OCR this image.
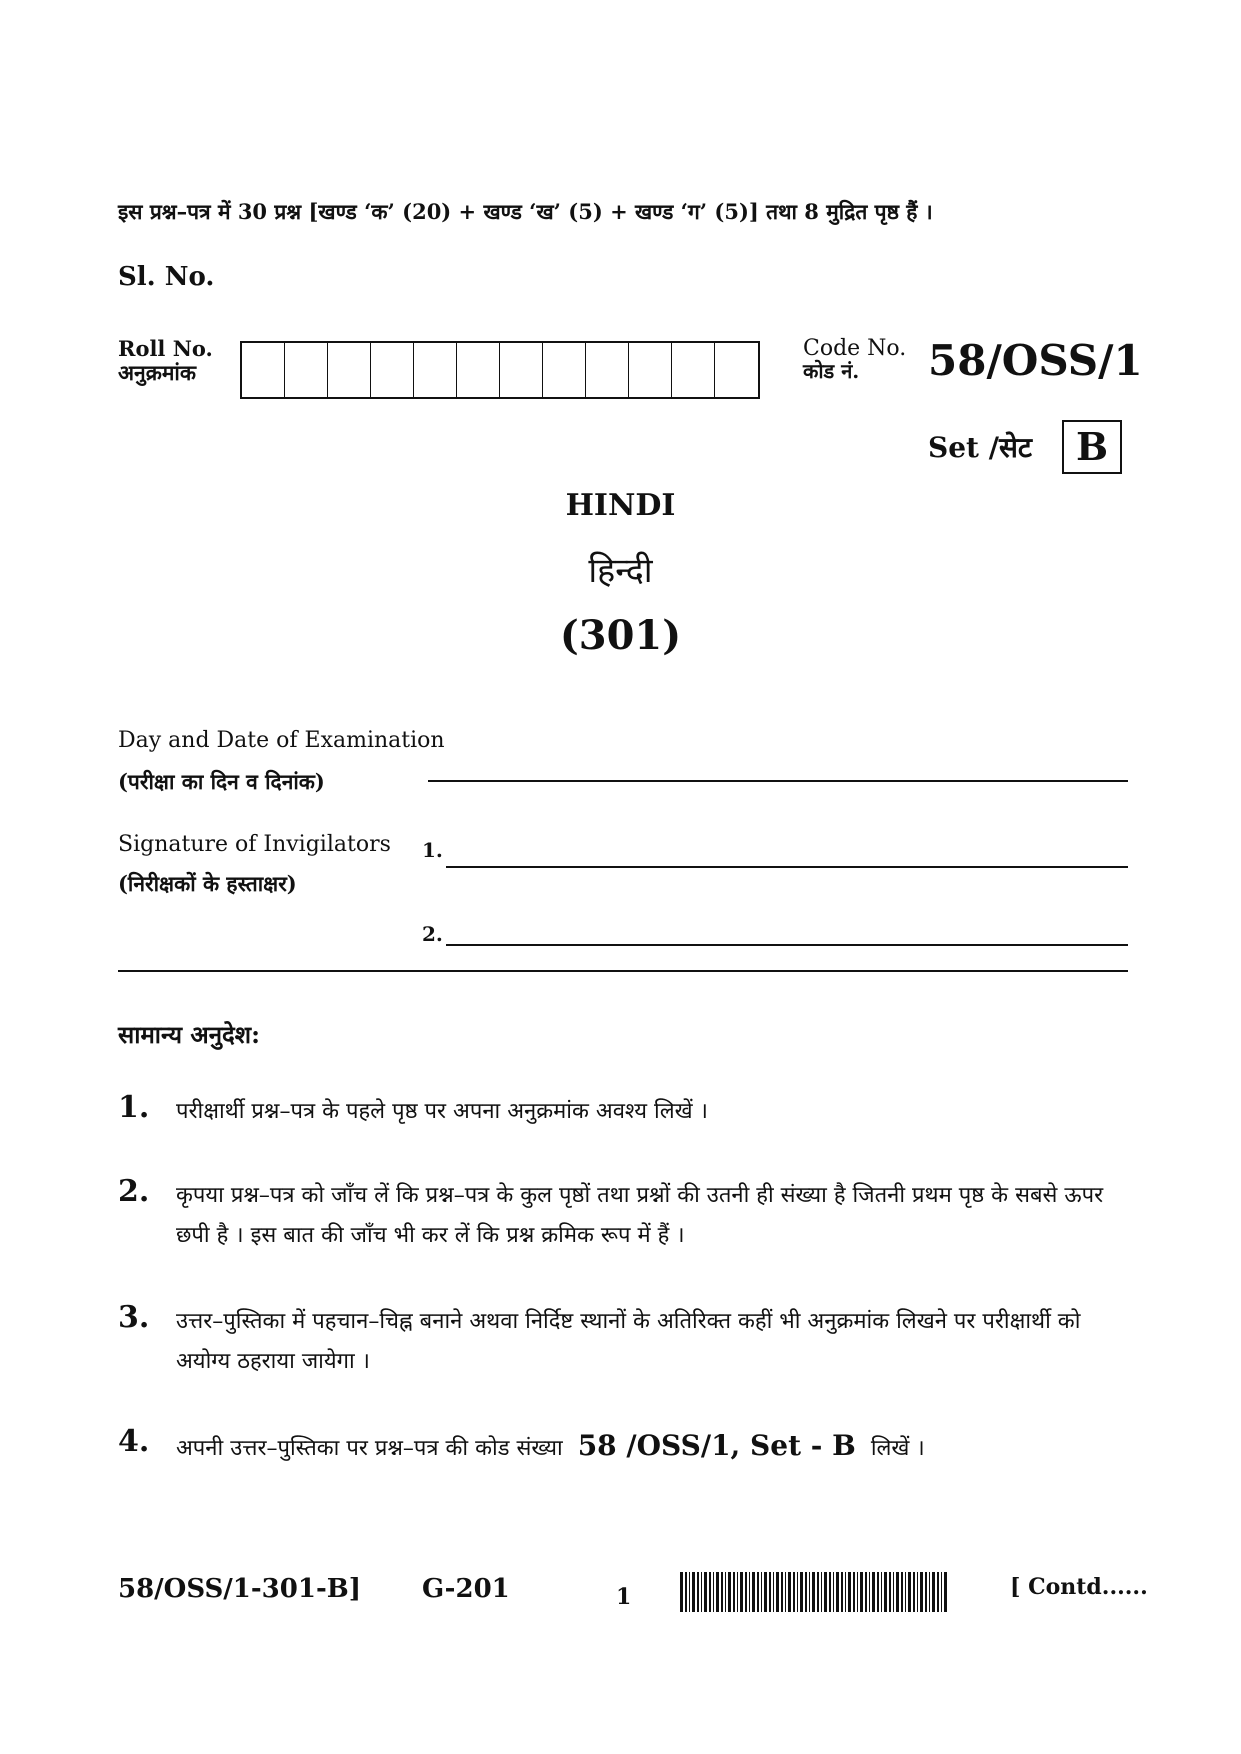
इस प्रश्न–पत्र में 30 प्रश्न [खण्ड ‘क’ (20) + खण्ड ‘ख’ (5) + खण्ड ‘ग’ (5)] तथा 8 मुद्रित पृष्ठ हैं ।
Sl. No.
Roll No.
अनुक्रमांक
Code No.
कोड नं.	58/OSS/1
Set /सेट	B
HINDI
हिन्दी
(301)
Day and Date of Examination
(परीक्षा का दिन व दिनांक)
Signature of Invigilators
(निरीक्षकों के हस्ताक्षर)
1.
2.
सामान्य अनुदेश:
1. परीक्षार्थी प्रश्न–पत्र के पहले पृष्ठ पर अपना अनुक्रमांक अवश्य लिखें ।
2. कृपया प्रश्न–पत्र को जाँच लें कि प्रश्न–पत्र के कुल पृष्ठों तथा प्रश्नों की उतनी ही संख्या है जितनी प्रथम पृष्ठ के सबसे ऊपर छपी है । इस बात की जाँच भी कर लें कि प्रश्न क्रमिक रूप में हैं ।
3. उत्तर–पुस्तिका में पहचान–चिह्न बनाने अथवा निर्दिष्ट स्थानों के अतिरिक्त कहीं भी अनुक्रमांक लिखने पर परीक्षार्थी को अयोग्य ठहराया जायेगा ।
4. अपनी उत्तर–पुस्तिका पर प्रश्न–पत्र की कोड संख्या 58 /OSS/1, Set - B लिखें ।
58/OSS/1-301-B] G-201	1	[ Contd......
